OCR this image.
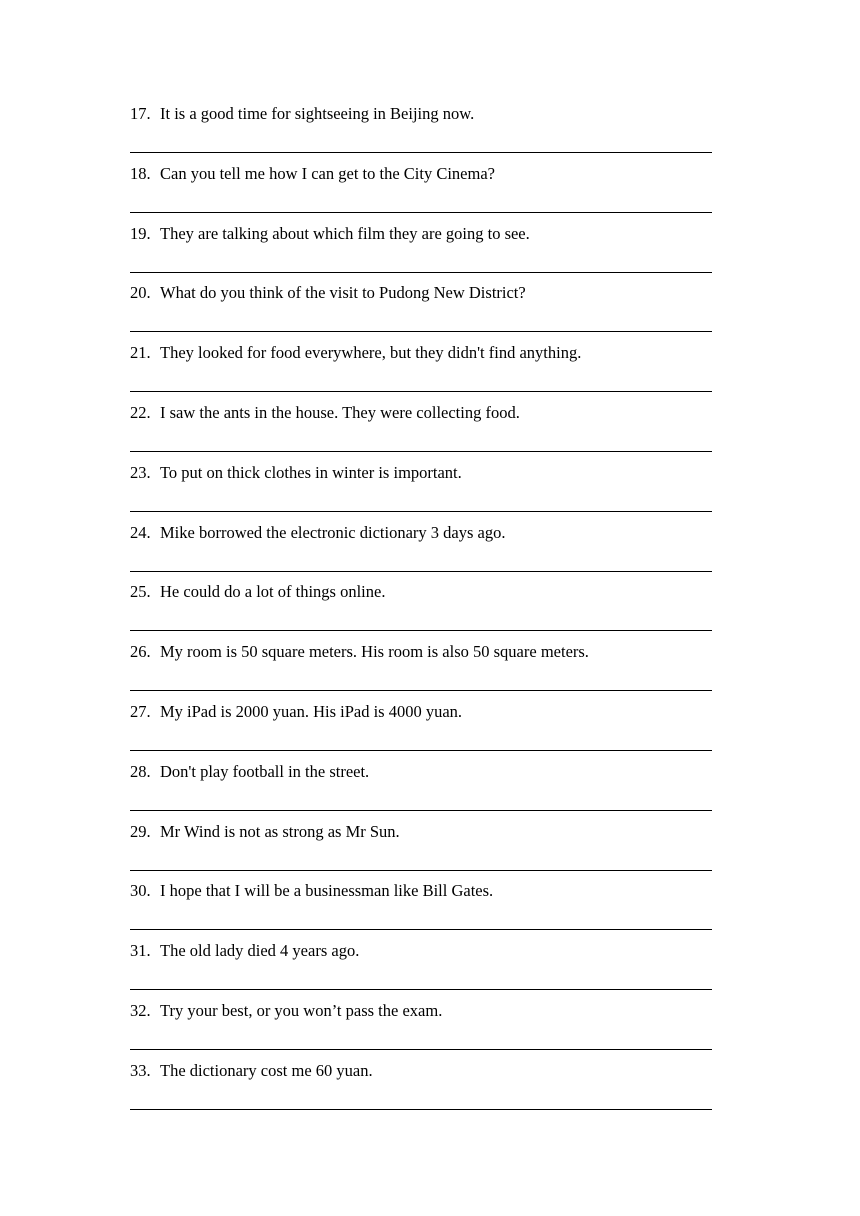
17. It is a good time for sightseeing in Beijing now.
18. Can you tell me how I can get to the City Cinema?
19. They are talking about which film they are going to see.
20. What do you think of the visit to Pudong New District?
21. They looked for food everywhere, but they didn't find anything.
22. I saw the ants in the house. They were collecting food.
23. To put on thick clothes in winter is important.
24. Mike borrowed the electronic dictionary 3 days ago.
25. He could do a lot of things online.
26. My room is 50 square meters. His room is also 50 square meters.
27. My iPad is 2000 yuan. His iPad is 4000 yuan.
28. Don't play football in the street.
29. Mr Wind is not as strong as Mr Sun.
30. I hope that I will be a businessman like Bill Gates.
31. The old lady died 4 years ago.
32. Try your best, or you won’t pass the exam.
33. The dictionary cost me 60 yuan.
